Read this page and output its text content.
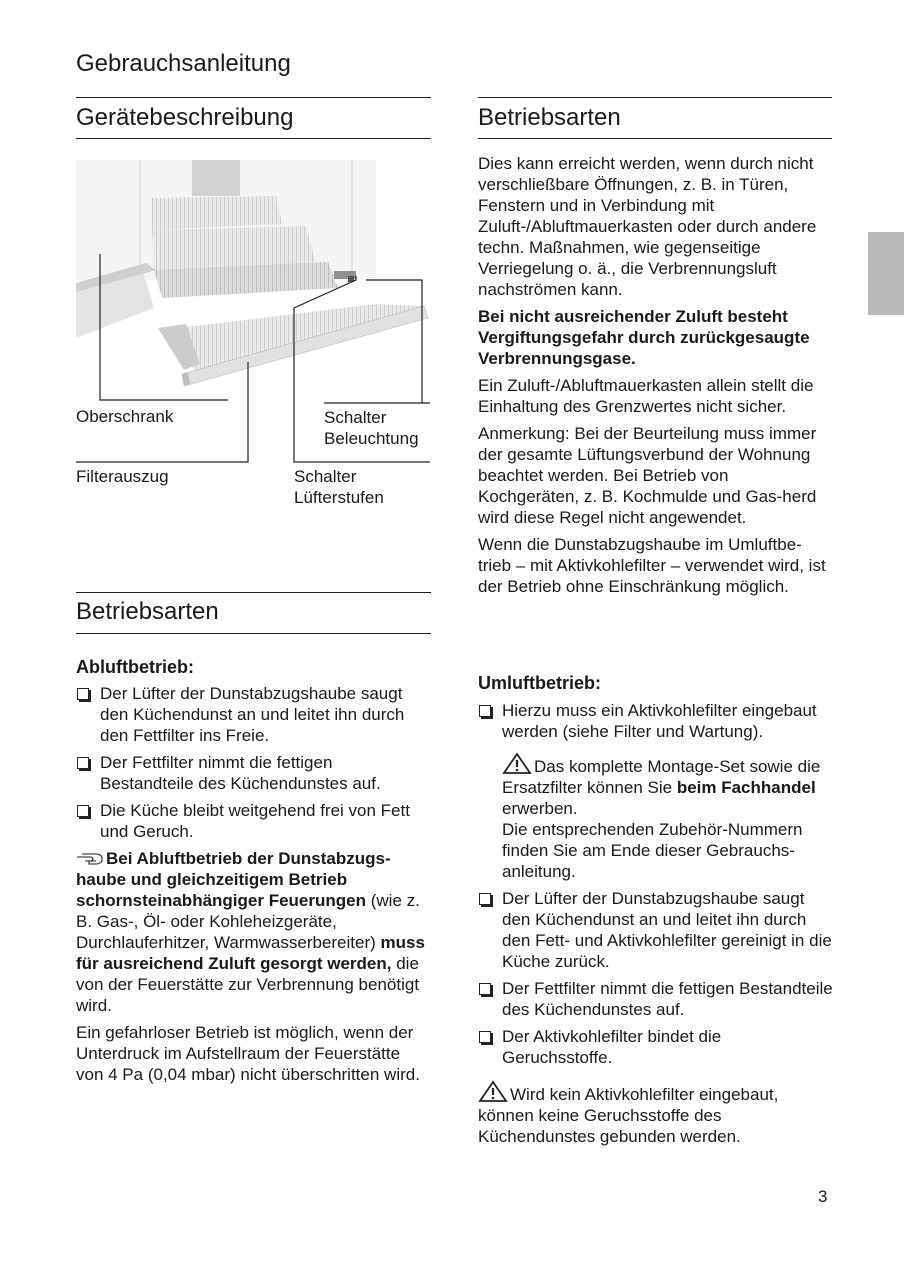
Gebrauchsanleitung
Gerätebeschreibung
Oberschrank	Schalter
Beleuchtung
Filterauszug	Schalter
Lüfterstufen
Betriebsarten
Abluftbetrieb:
Der Lüfter der Dunstabzugshaube saugt den Küchendunst an und leitet ihn durch den Fettfilter ins Freie.
Der Fettfilter nimmt die fettigen Bestandteile des Küchendunstes auf.
Die Küche bleibt weitgehend frei von Fett und Geruch.

Bei Abluftbetrieb der Dunstabzugs-haube und gleichzeitigem Betrieb schornsteinabhängiger Feuerungen (wie z. B. Gas-, Öl- oder Kohleheizgeräte, Durchlauferhitzer, Warmwasserbereiter) muss für ausreichend Zuluft gesorgt werden, die von der Feuerstätte zur Verbrennung benötigt wird.

Ein gefahrloser Betrieb ist möglich, wenn der Unterdruck im Aufstellraum der Feuerstätte von 4 Pa (0,04 mbar) nicht überschritten wird.

Betriebsarten

Dies kann erreicht werden, wenn durch nicht verschließbare Öffnungen, z. B. in Türen, Fenstern und in Verbindung mit Zuluft-/Abluftmauerkasten oder durch andere techn. Maßnahmen, wie gegenseitige Verriegelung o. ä., die Verbrennungsluft nachströmen kann.

Bei nicht ausreichender Zuluft besteht Vergiftungsgefahr durch zurückgesaugte Verbrennungsgase.

Ein Zuluft-/Abluftmauerkasten allein stellt die Einhaltung des Grenzwertes nicht sicher.

Anmerkung: Bei der Beurteilung muss immer der gesamte Lüftungsverbund der Wohnung beachtet werden. Bei Betrieb von Kochgeräten, z. B. Kochmulde und Gas-herd wird diese Regel nicht angewendet.

Wenn die Dunstabzugshaube im Umluftbe-trieb – mit Aktivkohlefilter – verwendet wird, ist der Betrieb ohne Einschränkung möglich.

Umluftbetrieb:
Hierzu muss ein Aktivkohlefilter eingebaut werden (siehe Filter und Wartung).
Das komplette Montage-Set sowie die Ersatzfilter können Sie beim Fachhandel erwerben.
Die entsprechenden Zubehör-Nummern finden Sie am Ende dieser Gebrauchs-anleitung.
Der Lüfter der Dunstabzugshaube saugt den Küchendunst an und leitet ihn durch den Fett- und Aktivkohlefilter gereinigt in die Küche zurück.
Der Fettfilter nimmt die fettigen Bestandteile des Küchendunstes auf.
Der Aktivkohlefilter bindet die Geruchsstoffe.
Wird kein Aktivkohlefilter eingebaut, können keine Geruchsstoffe des Küchendunstes gebunden werden.
3
